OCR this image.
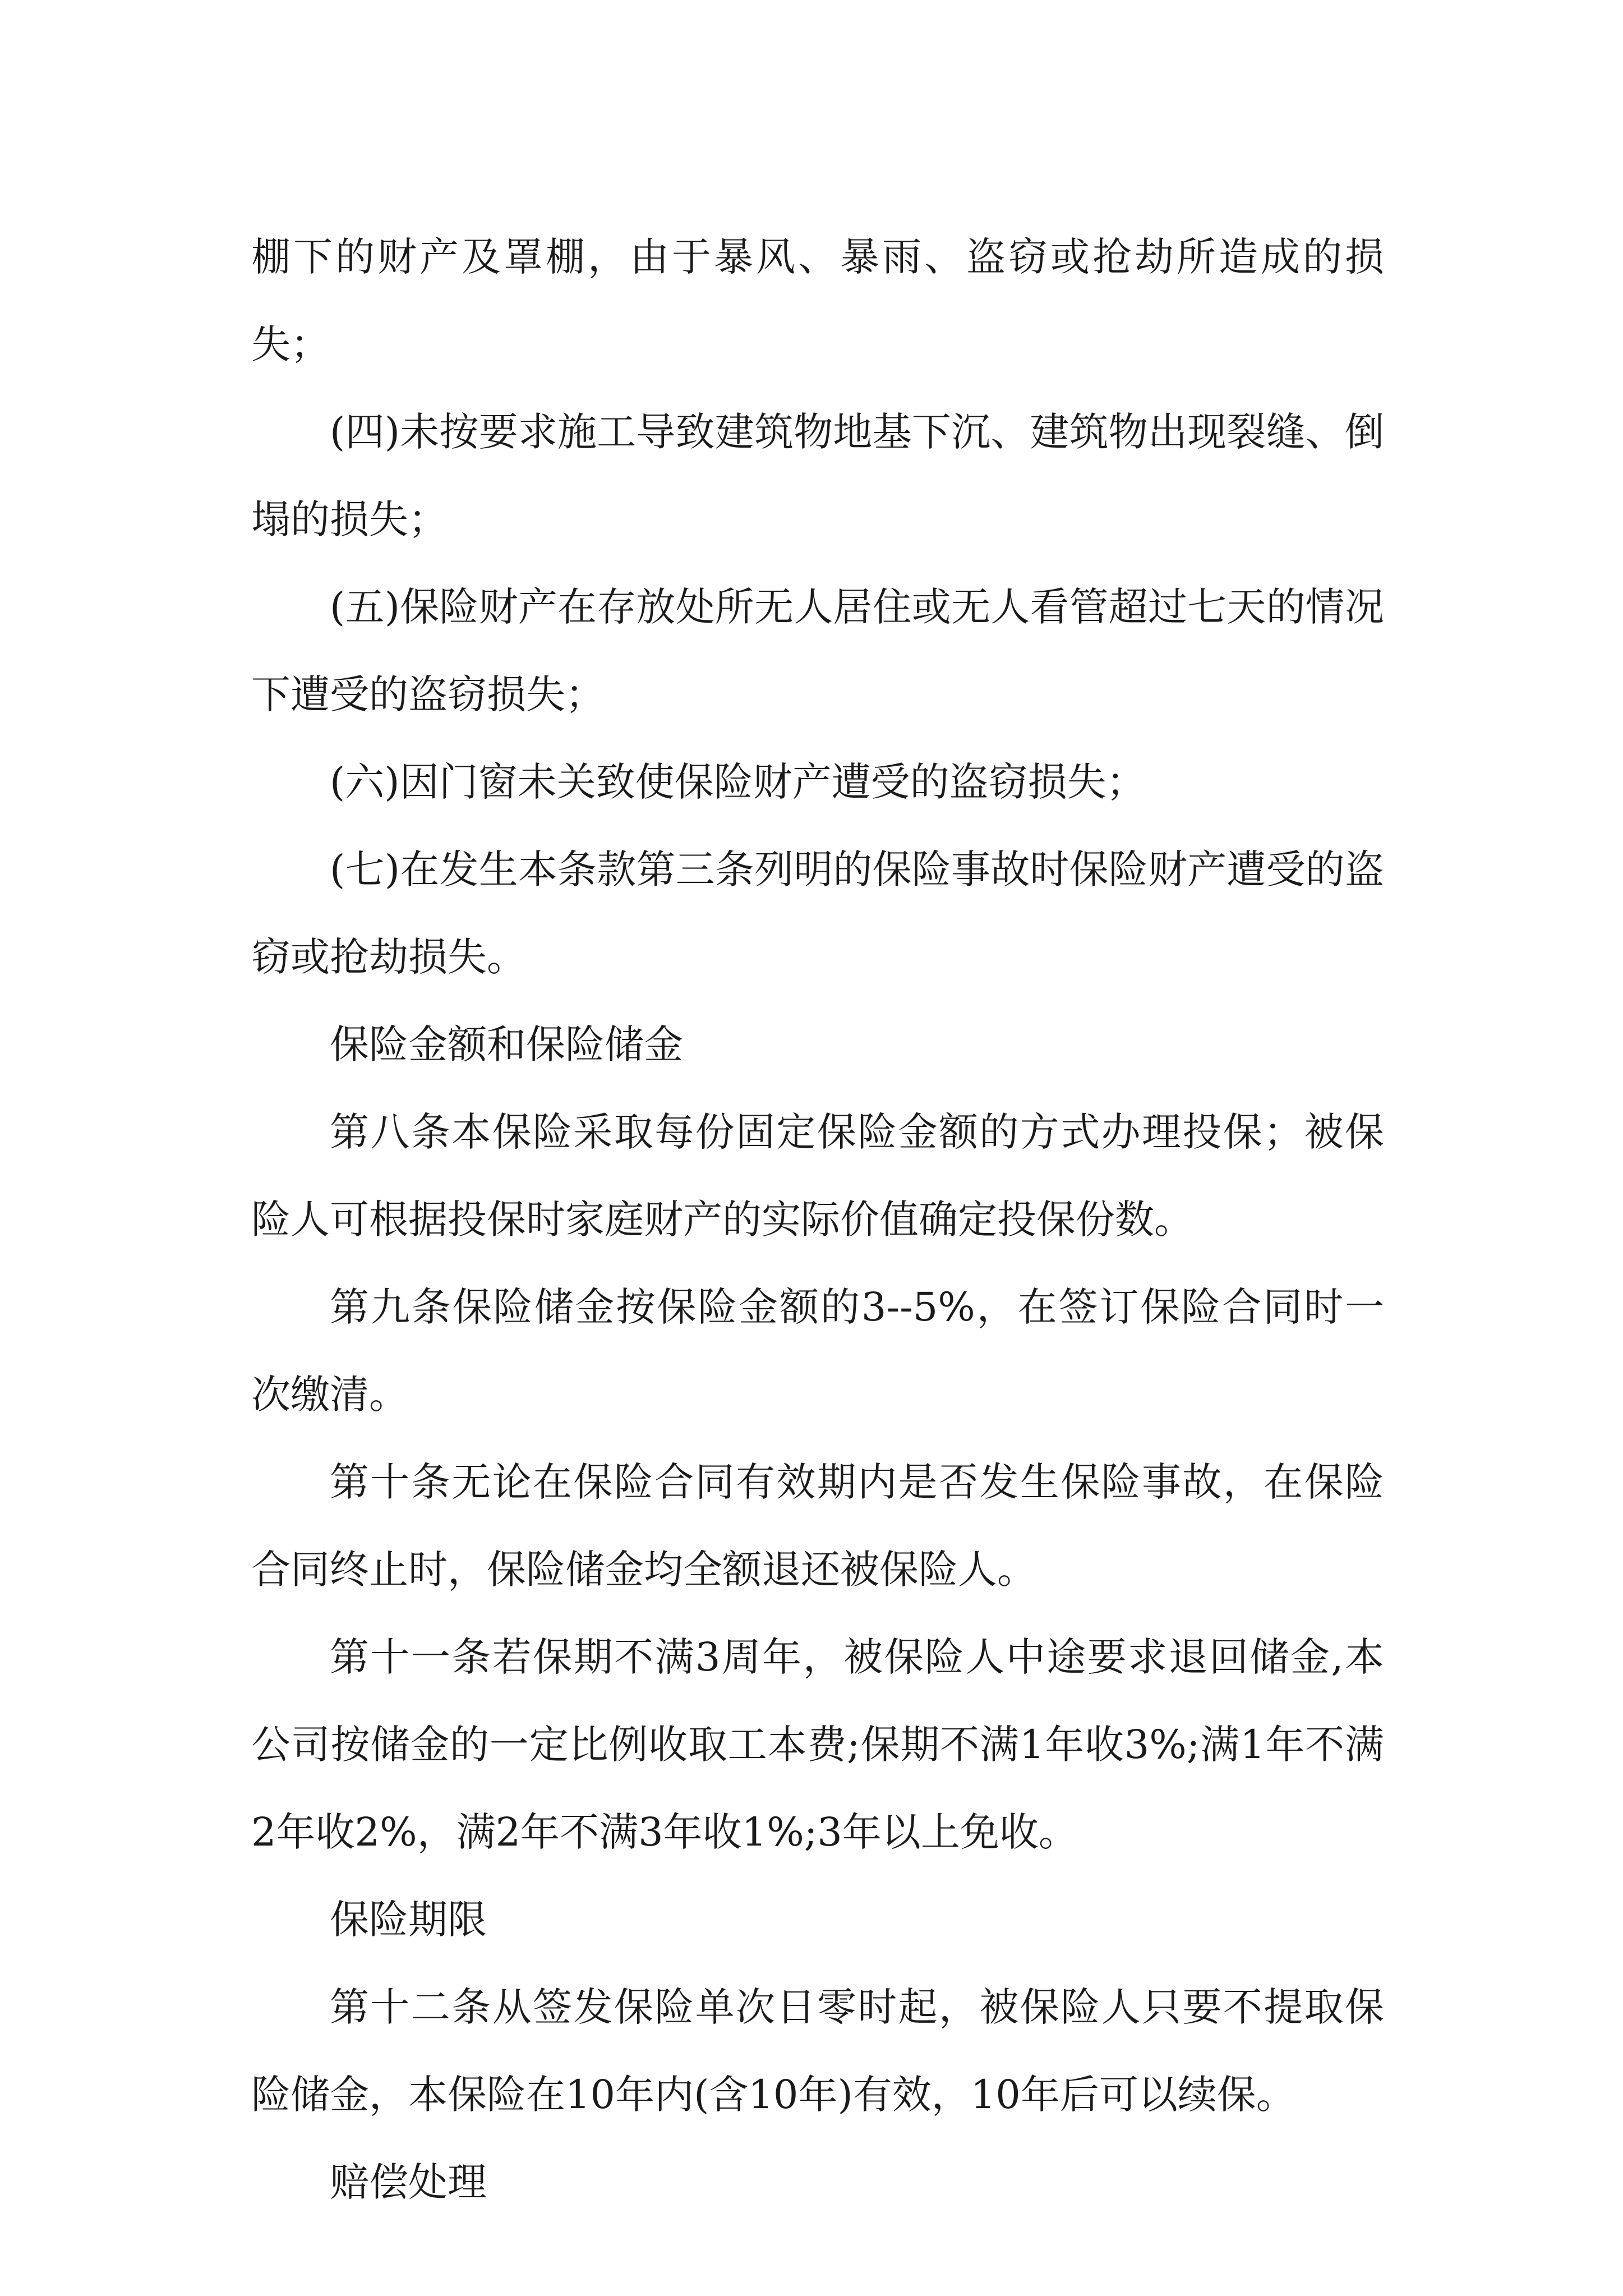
棚下的财产及罩棚，由于暴风、暴雨、盗窃或抢劫所造成的损失；

(四)未按要求施工导致建筑物地基下沉、建筑物出现裂缝、倒塌的损失；

(五)保险财产在存放处所无人居住或无人看管超过七天的情况下遭受的盗窃损失；

(六)因门窗未关致使保险财产遭受的盗窃损失；

(七)在发生本条款第三条列明的保险事故时保险财产遭受的盗窃或抢劫损失。

保险金额和保险储金

第八条本保险采取每份固定保险金额的方式办理投保；被保险人可根据投保时家庭财产的实际价值确定投保份数。

第九条保险储金按保险金额的3--5%，在签订保险合同时一次缴清。

第十条无论在保险合同有效期内是否发生保险事故，在保险合同终止时，保险储金均全额退还被保险人。

第十一条若保期不满3周年，被保险人中途要求退回储金,本公司按储金的一定比例收取工本费;保期不满1年收3%;满1年不满2年收2%，满2年不满3年收1%;3年以上免收。

保险期限

第十二条从签发保险单次日零时起，被保险人只要不提取保险储金，本保险在10年内(含10年)有效，10年后可以续保。

赔偿处理
